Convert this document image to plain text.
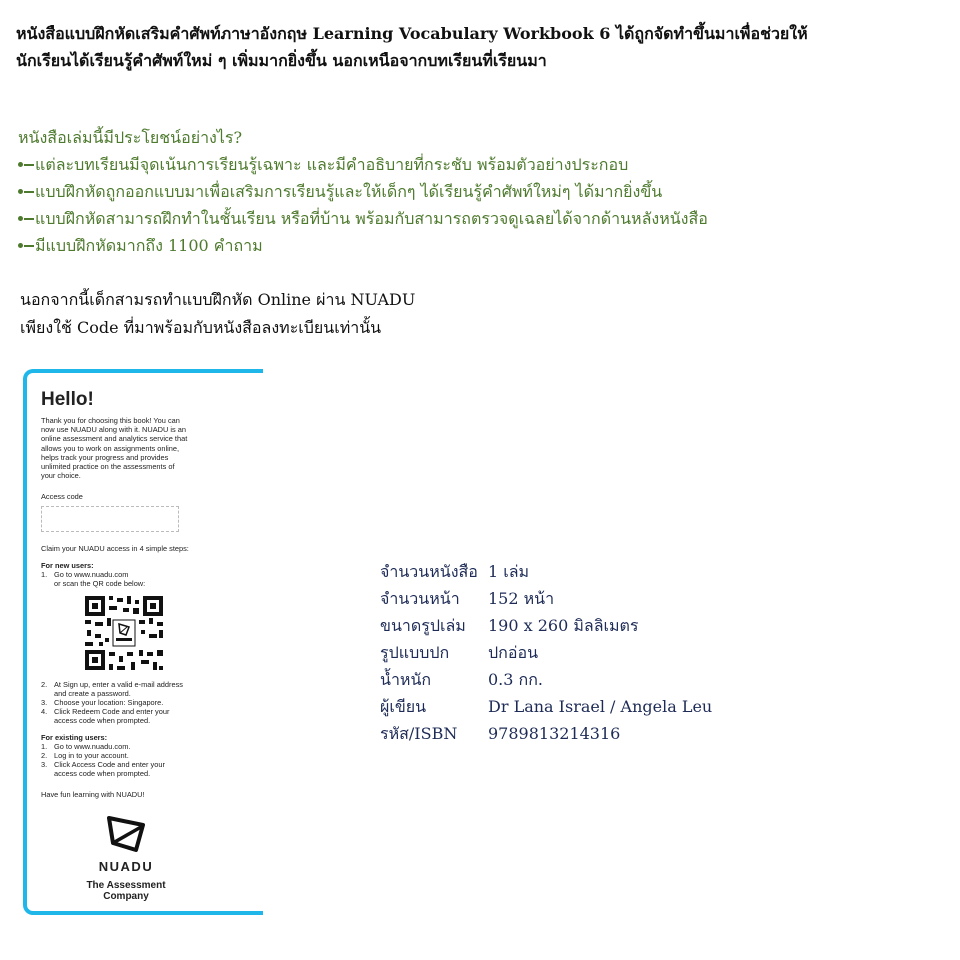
หนังสือแบบฝึกหัดเสริมคำศัพท์ภาษาอังกฤษ Learning Vocabulary Workbook 6 ได้ถูกจัดทำขึ้นมาเพื่อช่วยให้
นักเรียนได้เรียนรู้คำศัพท์ใหม่ ๆ เพิ่มมากยิ่งขึ้น นอกเหนือจากบทเรียนที่เรียนมา
หนังสือเล่มนี้มีประโยชน์อย่างไร?
แต่ละบทเรียนมีจุดเน้นการเรียนรู้เฉพาะ และมีคำอธิบายที่กระชับ พร้อมตัวอย่างประกอบ
แบบฝึกหัดถูกออกแบบมาเพื่อเสริมการเรียนรู้และให้เด็กๆ ได้เรียนรู้คำศัพท์ใหม่ๆ ได้มากยิ่งขึ้น
แบบฝึกหัดสามารถฝึกทำในชั้นเรียน หรือที่บ้าน พร้อมกับสามารถตรวจดูเฉลยได้จากด้านหลังหนังสือ
มีแบบฝึกหัดมากถึง 1100 คำถาม
นอกจากนี้เด็กสามรถทำแบบฝึกหัด Online ผ่าน NUADU
เพียงใช้ Code ที่มาพร้อมกับหนังสือลงทะเบียนเท่านั้น
Hello!
Thank you for choosing this book! You can
now use NUADU along with it. NUADU is an
online assessment and analytics service that
allows you to work on assignments online,
helps track your progress and provides
unlimited practice on the assessments of
your choice.
Access code
Claim your NUADU access in 4 simple steps:
For new users:
1. Go to www.nuadu.com
or scan the QR code below:
2. At Sign up, enter a valid e-mail address
and create a password.
3. Choose your location: Singapore.
4. Click Redeem Code and enter your
access code when prompted.
For existing users:
1. Go to www.nuadu.com.
2. Log in to your account.
3. Click Access Code and enter your
access code when prompted.
Have fun learning with NUADU!
NUADU
The Assessment
Company
จำนวนหนังสือ 1 เล่ม
จำนวนหน้า	152 หน้า
ขนาดรูปเล่ม	190 x 260 มิลลิเมตร
รูปแบบปก	ปกอ่อน
น้ำหนัก	0.3 กก.
ผู้เขียน	Dr Lana Israel / Angela Leu
รหัส/ISBN	9789813214316
